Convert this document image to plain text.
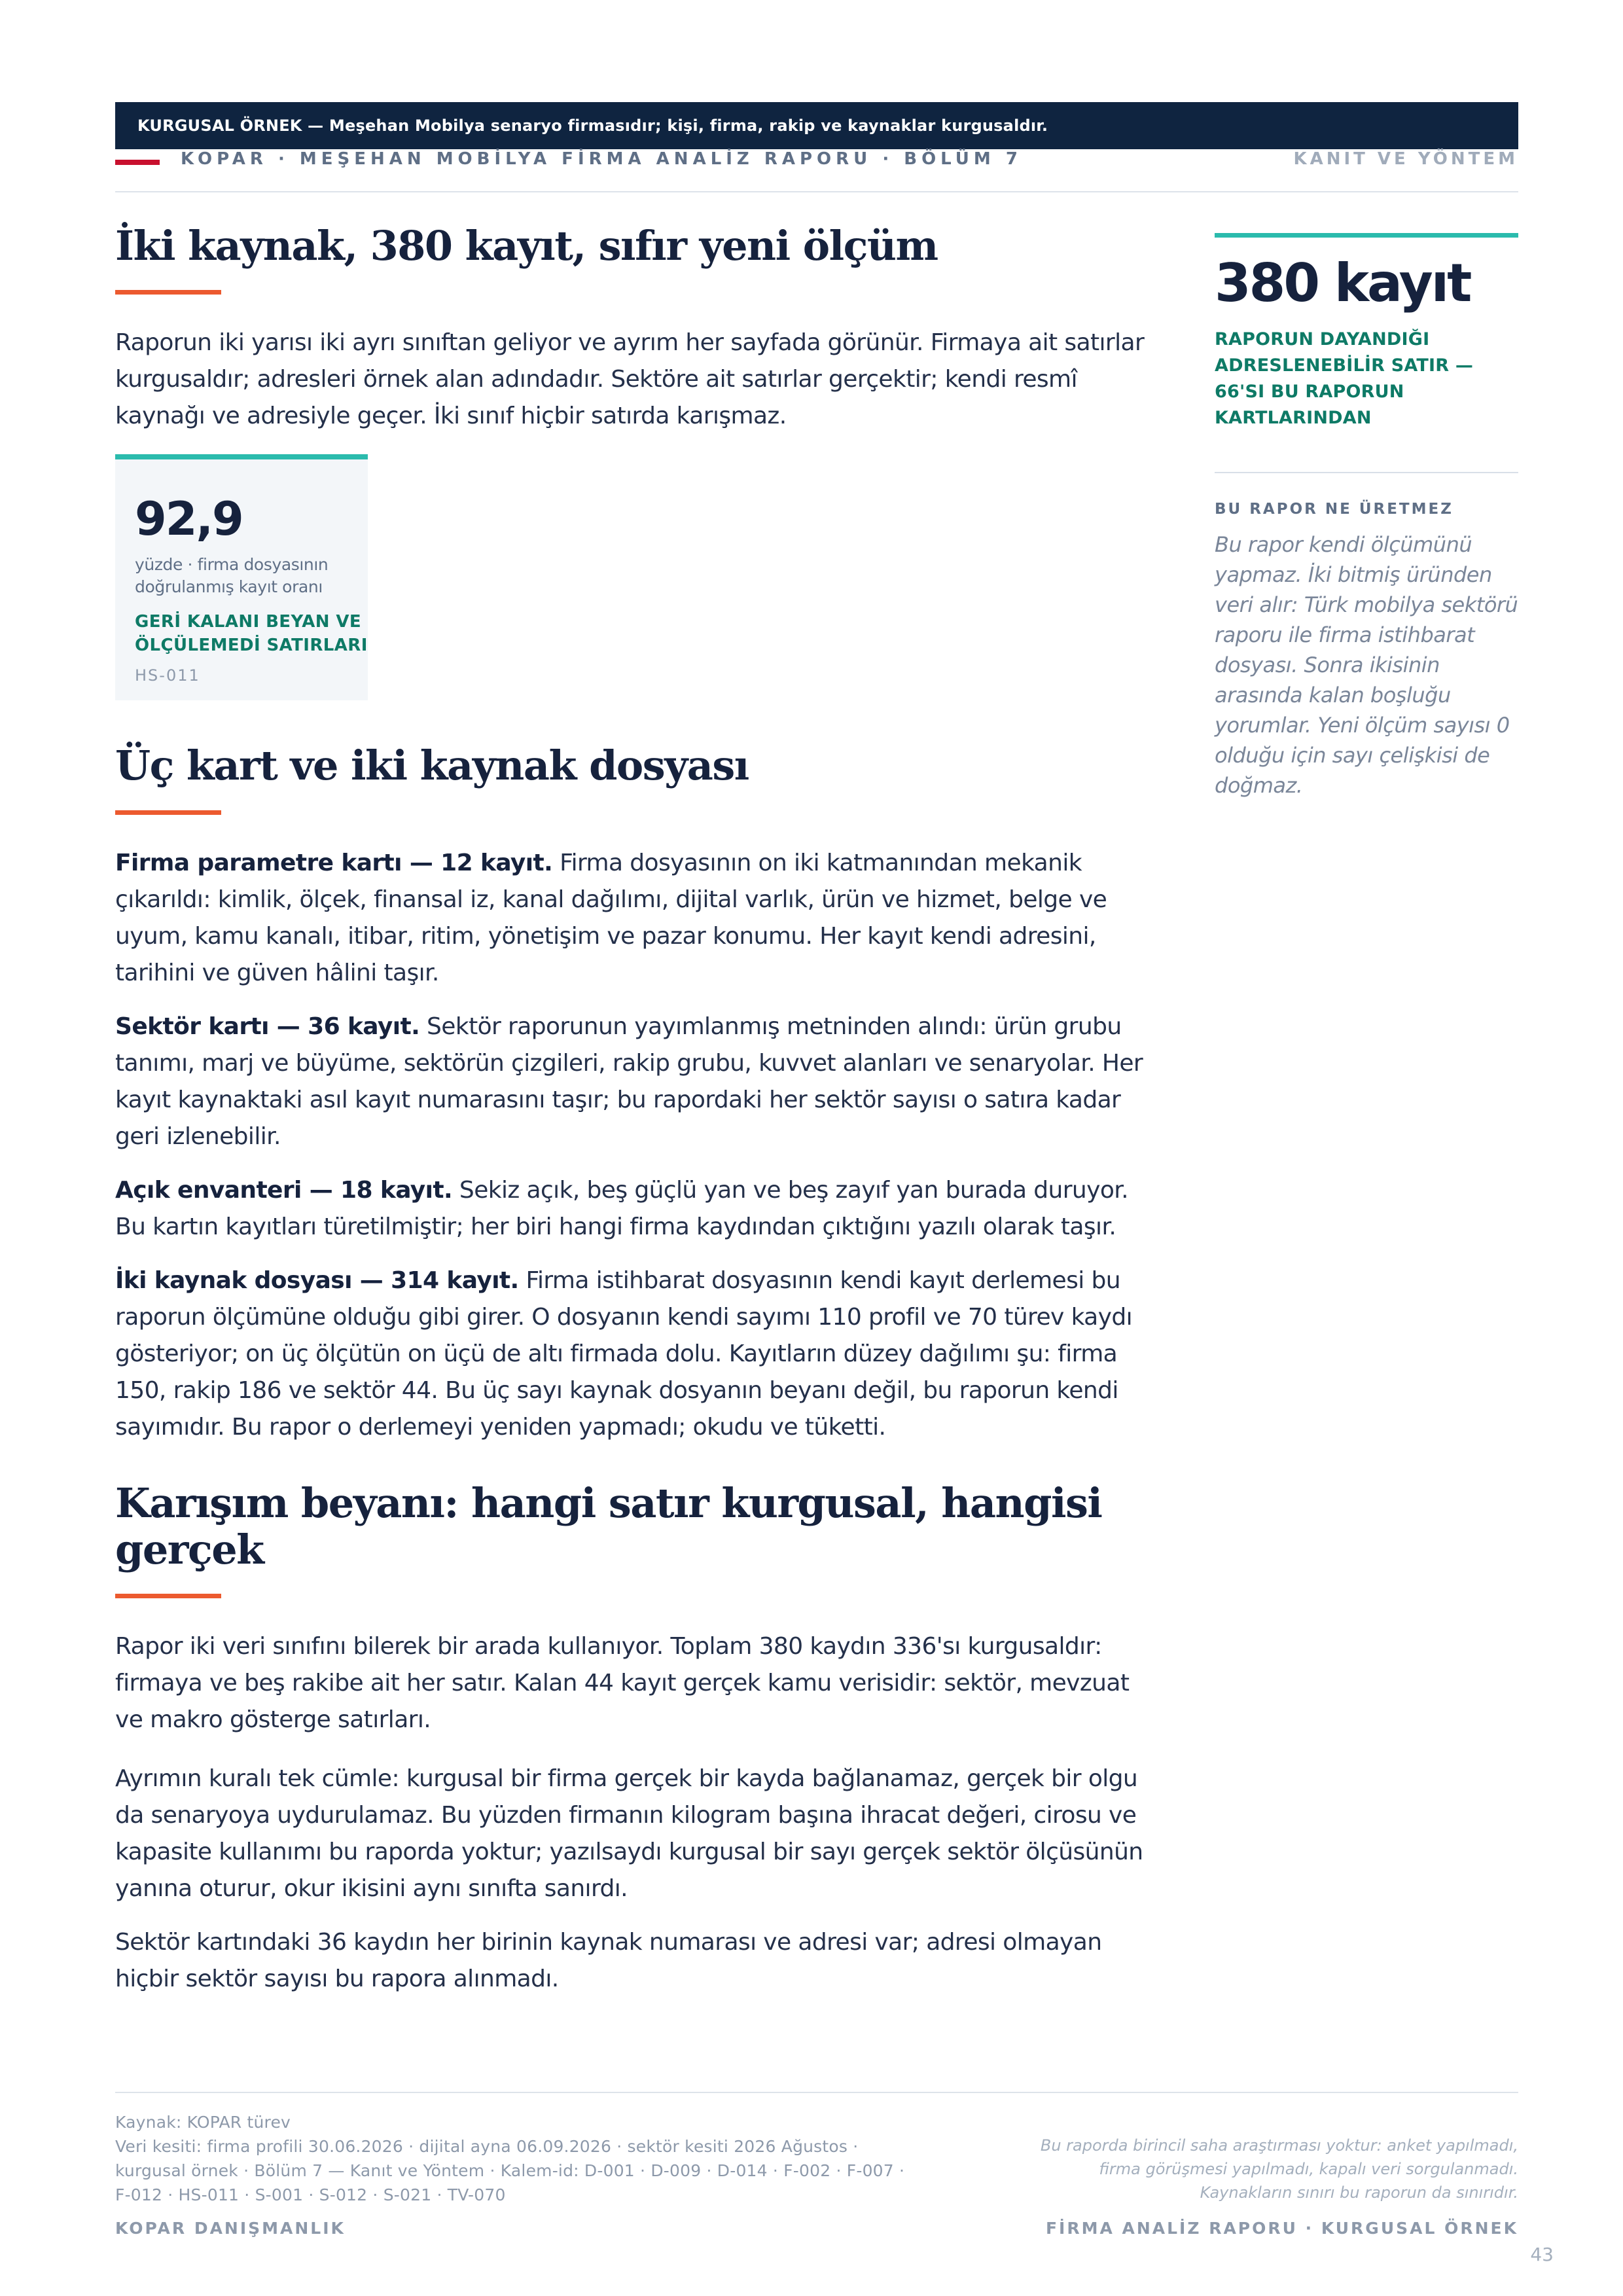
KURGUSAL ÖRNEK — Meşehan Mobilya senaryo firmasıdır; kişi, firma, rakip ve kaynaklar kurgusaldır.
KOPAR · MEŞEHAN MOBİLYA FİRMA ANALİZ RAPORU · BÖLÜM 7	KANIT VE YÖNTEM
İki kaynak, 380 kayıt, sıfır yeni ölçüm

Raporun iki yarısı iki ayrı sınıftan geliyor ve ayrım her sayfada görünür. Firmaya ait satırlar kurgusaldır; adresleri örnek alan adındadır. Sektöre ait satırlar gerçektir; kendi resmî kaynağı ve adresiyle geçer. İki sınıf hiçbir satırda karışmaz.

92,9
yüzde · firma dosyasının doğrulanmış kayıt oranı
GERİ KALANI BEYAN VE ÖLÇÜLEMEDİ SATIRLARI
HS-011
Üç kart ve iki kaynak dosyası

Firma parametre kartı — 12 kayıt. Firma dosyasının on iki katmanından mekanik çıkarıldı: kimlik, ölçek, finansal iz, kanal dağılımı, dijital varlık, ürün ve hizmet, belge ve uyum, kamu kanalı, itibar, ritim, yönetişim ve pazar konumu. Her kayıt kendi adresini, tarihini ve güven hâlini taşır.

Sektör kartı — 36 kayıt. Sektör raporunun yayımlanmış metninden alındı: ürün grubu tanımı, marj ve büyüme, sektörün çizgileri, rakip grubu, kuvvet alanları ve senaryolar. Her kayıt kaynaktaki asıl kayıt numarasını taşır; bu rapordaki her sektör sayısı o satıra kadar geri izlenebilir.

Açık envanteri — 18 kayıt. Sekiz açık, beş güçlü yan ve beş zayıf yan burada duruyor. Bu kartın kayıtları türetilmiştir; her biri hangi firma kaydından çıktığını yazılı olarak taşır.

İki kaynak dosyası — 314 kayıt. Firma istihbarat dosyasının kendi kayıt derlemesi bu raporun ölçümüne olduğu gibi girer. O dosyanın kendi sayımı 110 profil ve 70 türev kaydı gösteriyor; on üç ölçütün on üçü de altı firmada dolu. Kayıtların düzey dağılımı şu: firma 150, rakip 186 ve sektör 44. Bu üç sayı kaynak dosyanın beyanı değil, bu raporun kendi sayımıdır. Bu rapor o derlemeyi yeniden yapmadı; okudu ve tüketti.

Karışım beyanı: hangi satır kurgusal, hangisi gerçek

Rapor iki veri sınıfını bilerek bir arada kullanıyor. Toplam 380 kaydın 336'sı kurgusaldır: firmaya ve beş rakibe ait her satır. Kalan 44 kayıt gerçek kamu verisidir: sektör, mevzuat ve makro gösterge satırları.

Ayrımın kuralı tek cümle: kurgusal bir firma gerçek bir kayda bağlanamaz, gerçek bir olgu da senaryoya uydurulamaz. Bu yüzden firmanın kilogram başına ihracat değeri, cirosu ve kapasite kullanımı bu raporda yoktur; yazılsaydı kurgusal bir sayı gerçek sektör ölçüsünün yanına oturur, okur ikisini aynı sınıfta sanırdı.

Sektör kartındaki 36 kaydın her birinin kaynak numarası ve adresi var; adresi olmayan hiçbir sektör sayısı bu rapora alınmadı.

380 kayıt
RAPORUN DAYANDIĞI ADRESLENEBİLİR SATIR — 66'SI BU RAPORUN KARTLARINDAN
BU RAPOR NE ÜRETMEZ
Bu rapor kendi ölçümünü yapmaz. İki bitmiş üründen veri alır: Türk mobilya sektörü raporu ile firma istihbarat dosyası. Sonra ikisinin arasında kalan boşluğu yorumlar. Yeni ölçüm sayısı 0 olduğu için sayı çelişkisi de doğmaz.
Kaynak: KOPAR türev
Veri kesiti: firma profili 30.06.2026 · dijital ayna 06.09.2026 · sektör kesiti 2026 Ağustos ·
kurgusal örnek · Bölüm 7 — Kanıt ve Yöntem · Kalem-id: D-001 · D-009 · D-014 · F-002 · F-007 ·
F-012 · HS-011 · S-001 · S-012 · S-021 · TV-070
Bu raporda birincil saha araştırması yoktur: anket yapılmadı,
firma görüşmesi yapılmadı, kapalı veri sorgulanmadı.
Kaynakların sınırı bu raporun da sınırıdır.
KOPAR DANIŞMANLIK	FİRMA ANALİZ RAPORU · KURGUSAL ÖRNEK
43
